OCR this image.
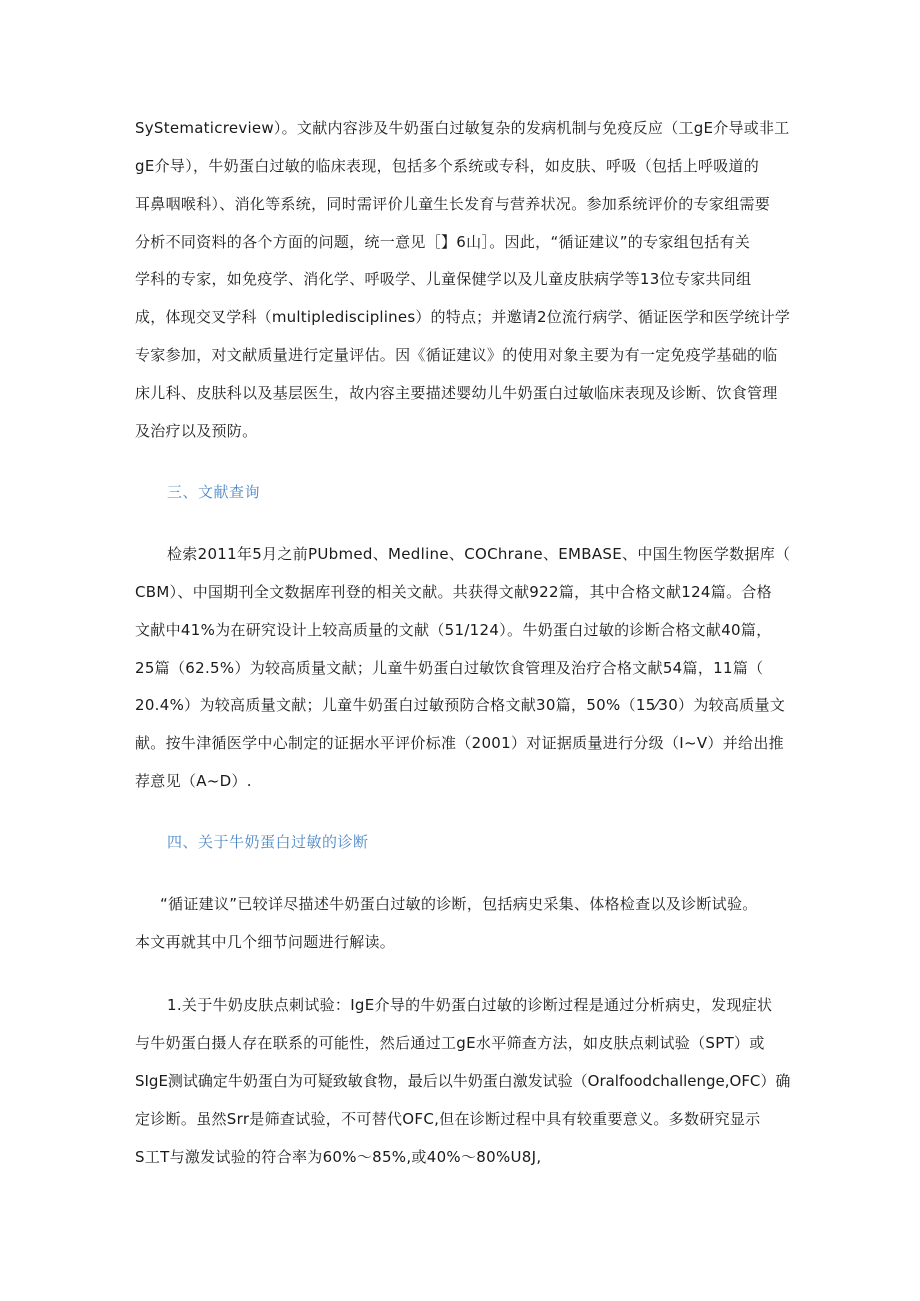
SyStematicreview）。文献内容涉及牛奶蛋白过敏复杂的发病机制与免疫反应（工gE介导或非工
gE介导），牛奶蛋白过敏的临床表现，包括多个系统或专科，如皮肤、呼吸（包括上呼吸道的
耳鼻咽喉科）、消化等系统，同时需评价儿童生长发育与营养状况。参加系统评价的专家组需要
分析不同资料的各个方面的问题，统一意见［】6山］。因此，“循证建议”的专家组包括有关
学科的专家，如免疫学、消化学、呼吸学、儿童保健学以及儿童皮肤病学等13位专家共同组
成，体现交叉学科（multipledisciplines）的特点；并邀请2位流行病学、循证医学和医学统计学
专家参加，对文献质量进行定量评估。因《循证建议》的使用对象主要为有一定免疫学基础的临
床儿科、皮肤科以及基层医生，故内容主要描述婴幼儿牛奶蛋白过敏临床表现及诊断、饮食管理
及治疗以及预防。
三、文献查询
检索2011年5月之前PUbmed、Medline、COChrane、EMBASE、中国生物医学数据库（
CBM）、中国期刊全文数据库刊登的相关文献。共获得文献922篇，其中合格文献124篇。合格
文献中41%为在研究设计上较高质量的文献（51/124）。牛奶蛋白过敏的诊断合格文献40篇，
25篇（62.5%）为较高质量文献；儿童牛奶蛋白过敏饮食管理及治疗合格文献54篇，11篇（
20.4%）为较高质量文献；儿童牛奶蛋白过敏预防合格文献30篇，50%（15⁄30）为较高质量文
献。按牛津循医学中心制定的证据水平评价标准（2001）对证据质量进行分级（I~V）并给出推
荐意见（A~D）.
四、关于牛奶蛋白过敏的诊断
“循证建议”已较详尽描述牛奶蛋白过敏的诊断，包括病史采集、体格检查以及诊断试验。
本文再就其中几个细节问题进行解读。
1.关于牛奶皮肤点刺试验：IgE介导的牛奶蛋白过敏的诊断过程是通过分析病史，发现症状
与牛奶蛋白摄人存在联系的可能性，然后通过工gE水平筛查方法，如皮肤点刺试验（SPT）或
SIgE测试确定牛奶蛋白为可疑致敏食物，最后以牛奶蛋白激发试验（Oralfoodchallenge,OFC）确
定诊断。虽然Srr是筛查试验，不可替代OFC,但在诊断过程中具有较重要意义。多数研究显示
S工T与激发试验的符合率为60%～85%,或40%～80%U8J,
